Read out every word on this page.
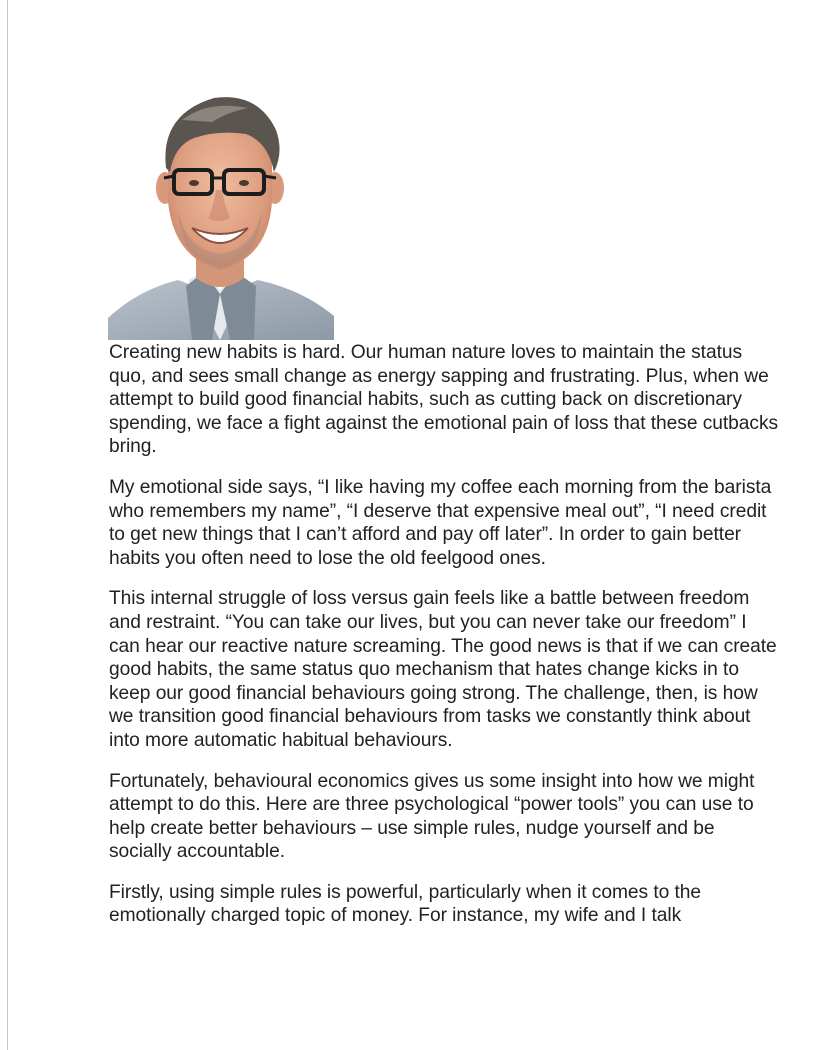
Creating new habits is hard. Our human nature loves to maintain the status quo, and sees small change as energy sapping and frustrating. Plus, when we attempt to build good financial habits, such as cutting back on discretionary spending, we face a fight against the emotional pain of loss that these cutbacks bring.

My emotional side says, “I like having my coffee each morning from the barista who remembers my name”, “I deserve that expensive meal out”, “I need credit to get new things that I can’t afford and pay off later”. In order to gain better habits you often need to lose the old feelgood ones.

This internal struggle of loss versus gain feels like a battle between freedom and restraint. “You can take our lives, but you can never take our freedom” I can hear our reactive nature screaming. The good news is that if we can create good habits, the same status quo mechanism that hates change kicks in to keep our good financial behaviours going strong. The challenge, then, is how we transition good financial behaviours from tasks we constantly think about into more automatic habitual behaviours.

Fortunately, behavioural economics gives us some insight into how we might attempt to do this. Here are three psychological “power tools” you can use to help create better behaviours – use simple rules, nudge yourself and be socially accountable.

Firstly, using simple rules is powerful, particularly when it comes to the emotionally charged topic of money. For instance, my wife and I talk
